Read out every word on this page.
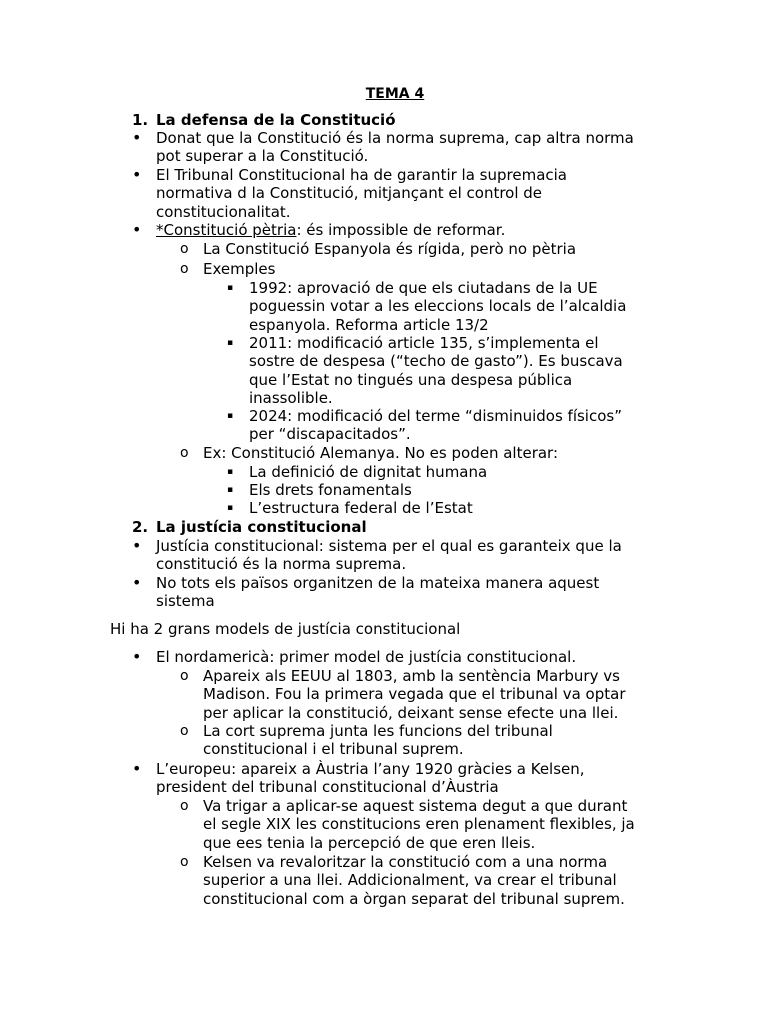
TEMA 4
1. La defensa de la Constitució
• Donat que la Constitució és la norma suprema, cap altra norma
pot superar a la Constitució.
• El Tribunal Constitucional ha de garantir la supremacia
normativa d la Constitució, mitjançant el control de
constitucionalitat.
• *Constitució pètria: és impossible de reformar.
o La Constitució Espanyola és rígida, però no pètria
o Exemples
▪ 1992: aprovació de que els ciutadans de la UE
poguessin votar a les eleccions locals de l’alcaldia
espanyola. Reforma article 13/2
▪ 2011: modificació article 135, s’implementa el
sostre de despesa (“techo de gasto”). Es buscava
que l’Estat no tingués una despesa pública
inassolible.
▪ 2024: modificació del terme “disminuidos físicos”
per “discapacitados”.
o Ex: Constitució Alemanya. No es poden alterar:
▪ La definició de dignitat humana
▪ Els drets fonamentals
▪ L’estructura federal de l’Estat
2. La justícia constitucional
• Justícia constitucional: sistema per el qual es garanteix que la
constitució és la norma suprema.
• No tots els països organitzen de la mateixa manera aquest
sistema
Hi ha 2 grans models de justícia constitucional
• El nordamericà: primer model de justícia constitucional.
o Apareix als EEUU al 1803, amb la sentència Marbury vs
Madison. Fou la primera vegada que el tribunal va optar
per aplicar la constitució, deixant sense efecte una llei.
o La cort suprema junta les funcions del tribunal
constitucional i el tribunal suprem.
• L’europeu: apareix a Àustria l’any 1920 gràcies a Kelsen,
president del tribunal constitucional d’Àustria
o Va trigar a aplicar-se aquest sistema degut a que durant
el segle XIX les constitucions eren plenament flexibles, ja
que ees tenia la percepció de que eren lleis.
o Kelsen va revaloritzar la constitució com a una norma
superior a una llei. Addicionalment, va crear el tribunal
constitucional com a òrgan separat del tribunal suprem.
